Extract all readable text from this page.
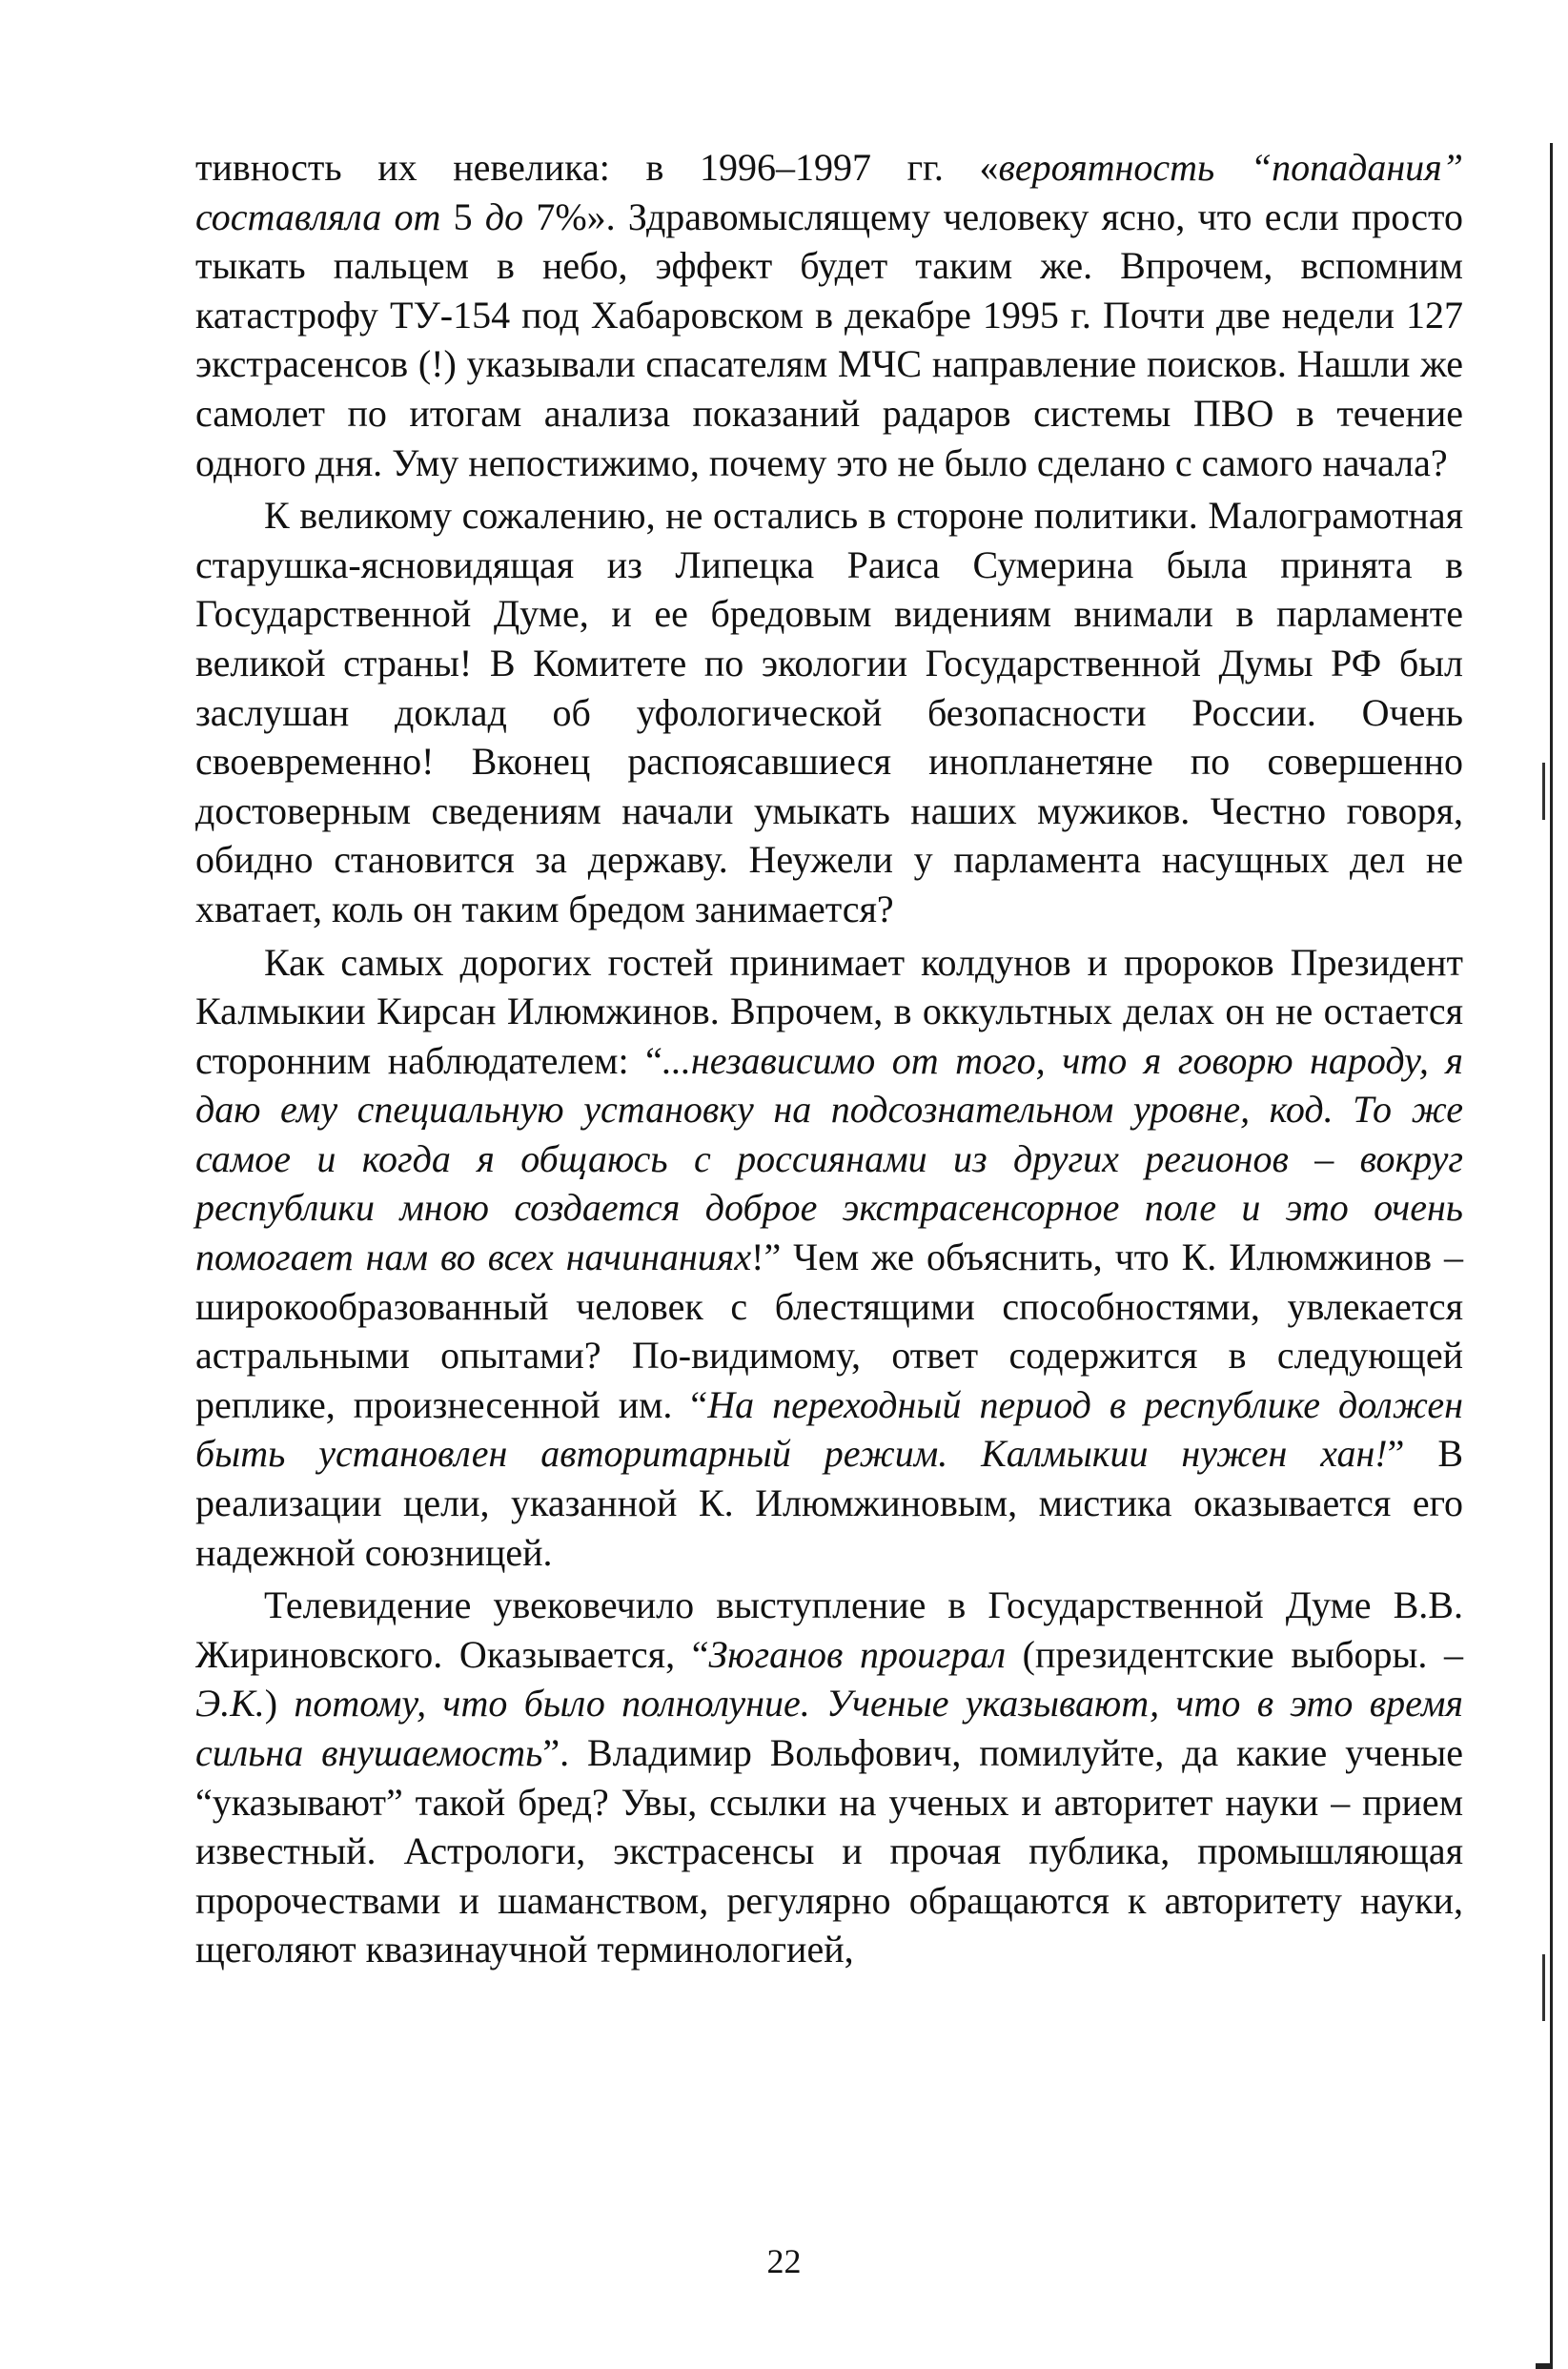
тивность их невелика: в 1996–1997 гг. «вероятность “попадания” составляла от 5 до 7%». Здравомыслящему человеку ясно, что если просто тыкать пальцем в небо, эффект будет таким же. Впрочем, вспомним катастрофу ТУ-154 под Хабаровском в декабре 1995 г. Почти две недели 127 экстрасенсов (!) указывали спасателям МЧС направление поисков. Нашли же самолет по итогам анализа показаний радаров системы ПВО в течение одного дня. Уму непостижимо, почему это не было сделано с самого начала?

К великому сожалению, не остались в стороне политики. Малограмотная старушка-ясновидящая из Липецка Раиса Сумерина была принята в Государственной Думе, и ее бредовым видениям внимали в парламенте великой страны! В Комитете по экологии Государственной Думы РФ был заслушан доклад об уфологической безопасности России. Очень своевременно! Вконец распоясавшиеся инопланетяне по совершенно достоверным сведениям начали умыкать наших мужиков. Честно говоря, обидно становится за державу. Неужели у парламента насущных дел не хватает, коль он таким бредом занимается?

Как самых дорогих гостей принимает колдунов и пророков Президент Калмыкии Кирсан Илюмжинов. Впрочем, в оккультных делах он не остается сторонним наблюдателем: “...независимо от того, что я говорю народу, я даю ему специальную установку на подсознательном уровне, код. То же самое и когда я общаюсь с россиянами из других регионов – вокруг республики мною создается доброе экстрасенсорное поле и это очень помогает нам во всех начинаниях!” Чем же объяснить, что К. Илюмжинов – широкообразованный человек с блестящими способностями, увлекается астральными опытами? По-видимому, ответ содержится в следующей реплике, произнесенной им. “На переходный период в республике должен быть установлен авторитарный режим. Калмыкии нужен хан!” В реализации цели, указанной К. Илюмжиновым, мистика оказывается его надежной союзницей.

Телевидение увековечило выступление в Государственной Думе В.В. Жириновского. Оказывается, “Зюганов проиграл (президентские выборы. – Э.К.) потому, что было полнолуние. Ученые указывают, что в это время сильна внушаемость”. Владимир Вольфович, помилуйте, да какие ученые “указывают” такой бред? Увы, ссылки на ученых и авторитет науки – прием известный. Астрологи, экстрасенсы и прочая публика, промышляющая пророчествами и шаманством, регулярно обращаются к авторитету науки, щеголяют квазинаучной терминологией,

22
